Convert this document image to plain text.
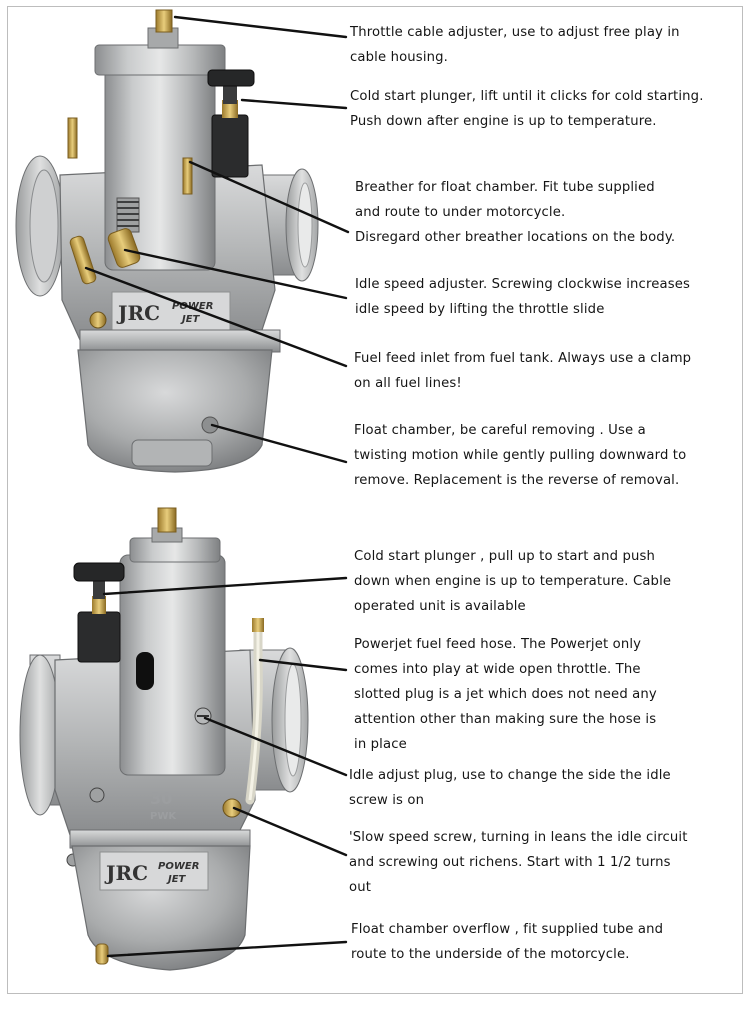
JRC POWER
JET
30
PWK
JRC POWER
JET
Throttle cable adjuster, use to adjust free play in
cable housing.
Cold start plunger, lift until it clicks for cold starting.
Push down after engine is up to temperature.
Breather for float chamber. Fit tube supplied
and route to under motorcycle.
Disregard other breather locations on the body.
Idle speed adjuster. Screwing clockwise increases
idle speed by lifting the throttle slide
Fuel feed inlet from fuel tank. Always use a clamp
on all fuel lines!
Float chamber, be careful removing . Use a
twisting motion while gently pulling downward to
remove. Replacement is the reverse of removal.
Cold start plunger , pull up to start and push
down when engine is up to temperature. Cable
operated unit is available
Powerjet fuel feed hose. The Powerjet only
comes into play at wide open throttle. The
slotted plug is a jet which does not need any
attention other than making sure the hose is
in place
Idle adjust plug, use to change the side the idle
screw is on
'Slow speed screw, turning in leans the idle circuit
and screwing out richens. Start with 1 1/2 turns
out
Float chamber overflow , fit supplied tube and
route to the underside of the motorcycle.
